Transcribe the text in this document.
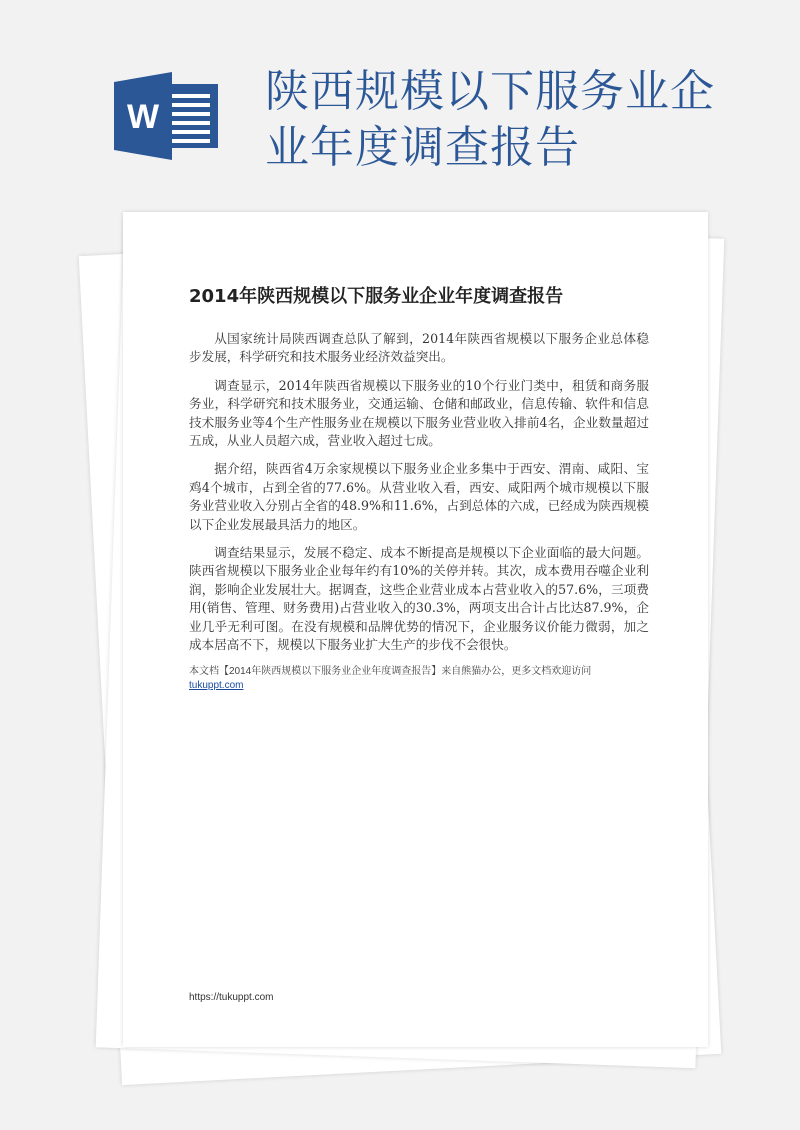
W 陕西规模以下服务业企业年度调查报告
2014年陕西规模以下服务业企业年度调查报告

从国家统计局陕西调查总队了解到，2014年陕西省规模以下服务企业总体稳步发展，科学研究和技术服务业经济效益突出。

调查显示，2014年陕西省规模以下服务业的10个行业门类中，租赁和商务服务业，科学研究和技术服务业，交通运输、仓储和邮政业，信息传输、软件和信息技术服务业等4个生产性服务业在规模以下服务业营业收入排前4名，企业数量超过五成，从业人员超六成，营业收入超过七成。

据介绍，陕西省4万余家规模以下服务业企业多集中于西安、渭南、咸阳、宝鸡4个城市，占到全省的77.6%。从营业收入看，西安、咸阳两个城市规模以下服务业营业收入分别占全省的48.9%和11.6%，占到总体的六成，已经成为陕西规模以下企业发展最具活力的地区。

调查结果显示，发展不稳定、成本不断提高是规模以下企业面临的最大问题。陕西省规模以下服务业企业每年约有10%的关停并转。其次，成本费用吞噬企业利润，影响企业发展壮大。据调查，这些企业营业成本占营业收入的57.6%，三项费用(销售、管理、财务费用)占营业收入的30.3%，两项支出合计占比达87.9%，企业几乎无利可图。在没有规模和品牌优势的情况下，企业服务议价能力微弱，加之成本居高不下，规模以下服务业扩大生产的步伐不会很快。

本文档【2014年陕西规模以下服务业企业年度调查报告】来自熊猫办公，更多文档欢迎访问
tukuppt.com
https://tukuppt.com
